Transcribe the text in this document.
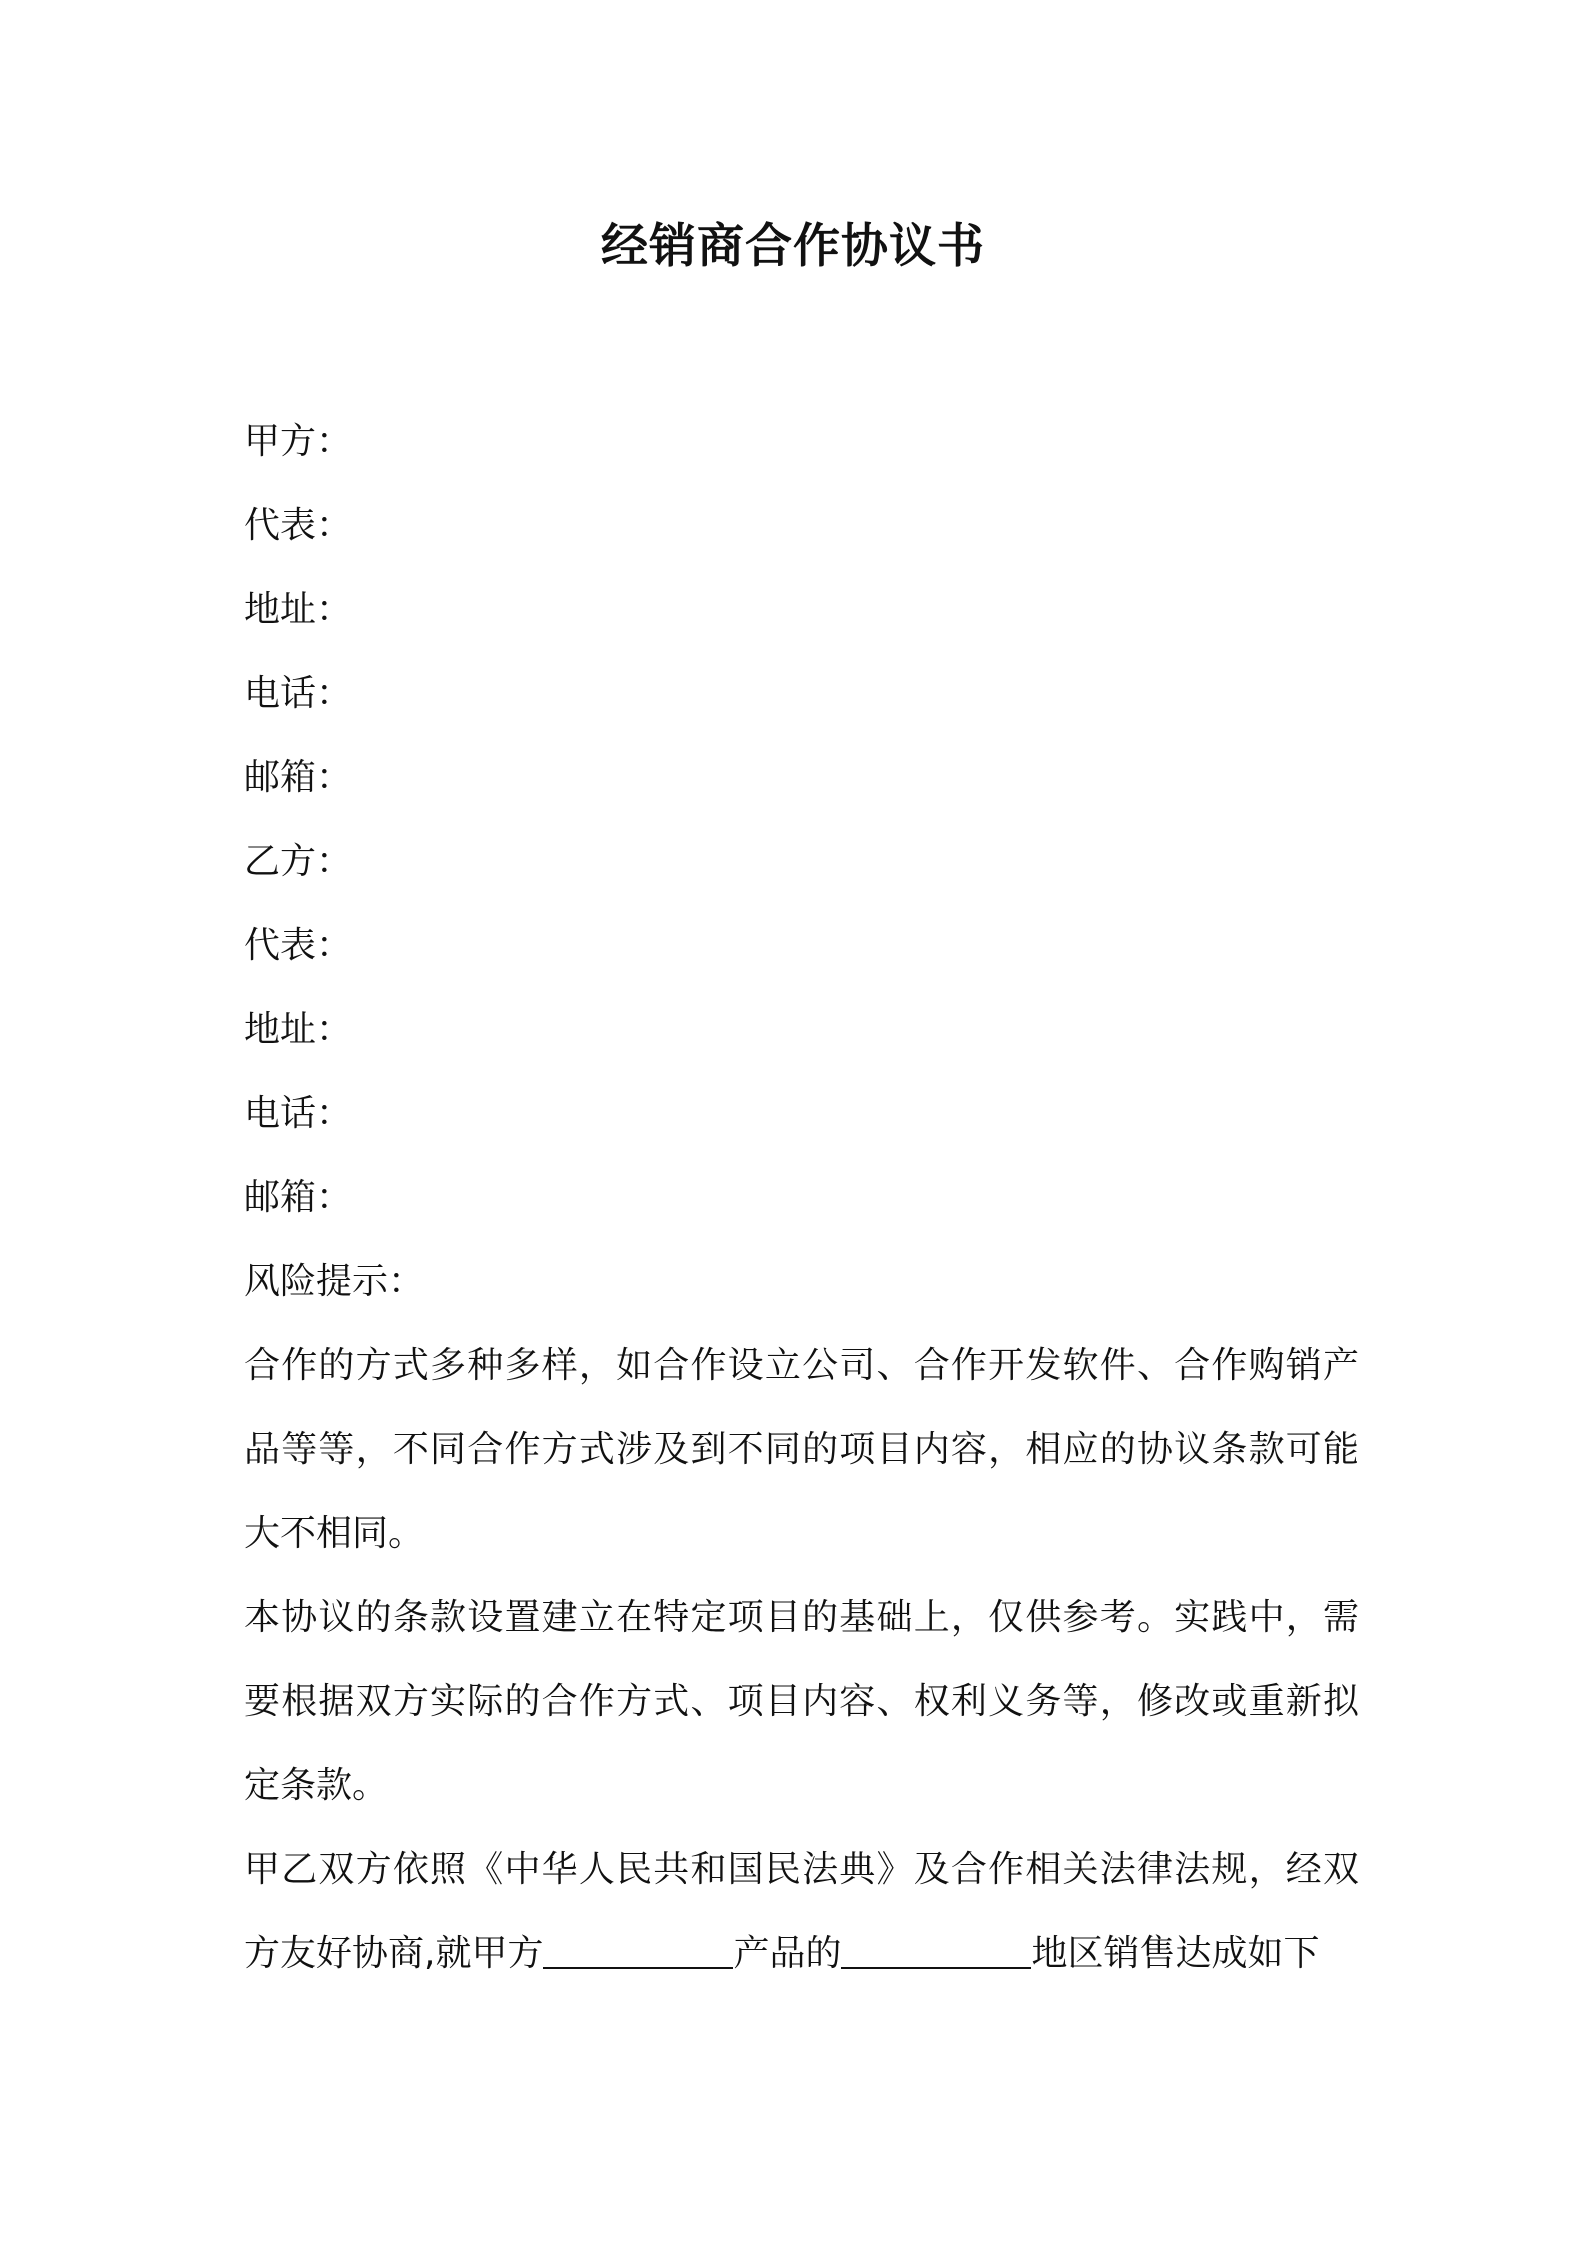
经销商合作协议书
甲方：
代表：
地址：
电话：
邮箱：
乙方：
代表：
地址：
电话：
邮箱：
风险提示：

合作的方式多种多样，如合作设立公司、合作开发软件、合作购销产品等等，不同合作方式涉及到不同的项目内容，相应的协议条款可能大不相同。

本协议的条款设置建立在特定项目的基础上，仅供参考。实践中，需要根据双方实际的合作方式、项目内容、权利义务等，修改或重新拟定条款。

甲乙双方依照《中华人民共和国民法典》及合作相关法律法规，经双方友好协商,就甲方	产品的	地区销售达成如下
